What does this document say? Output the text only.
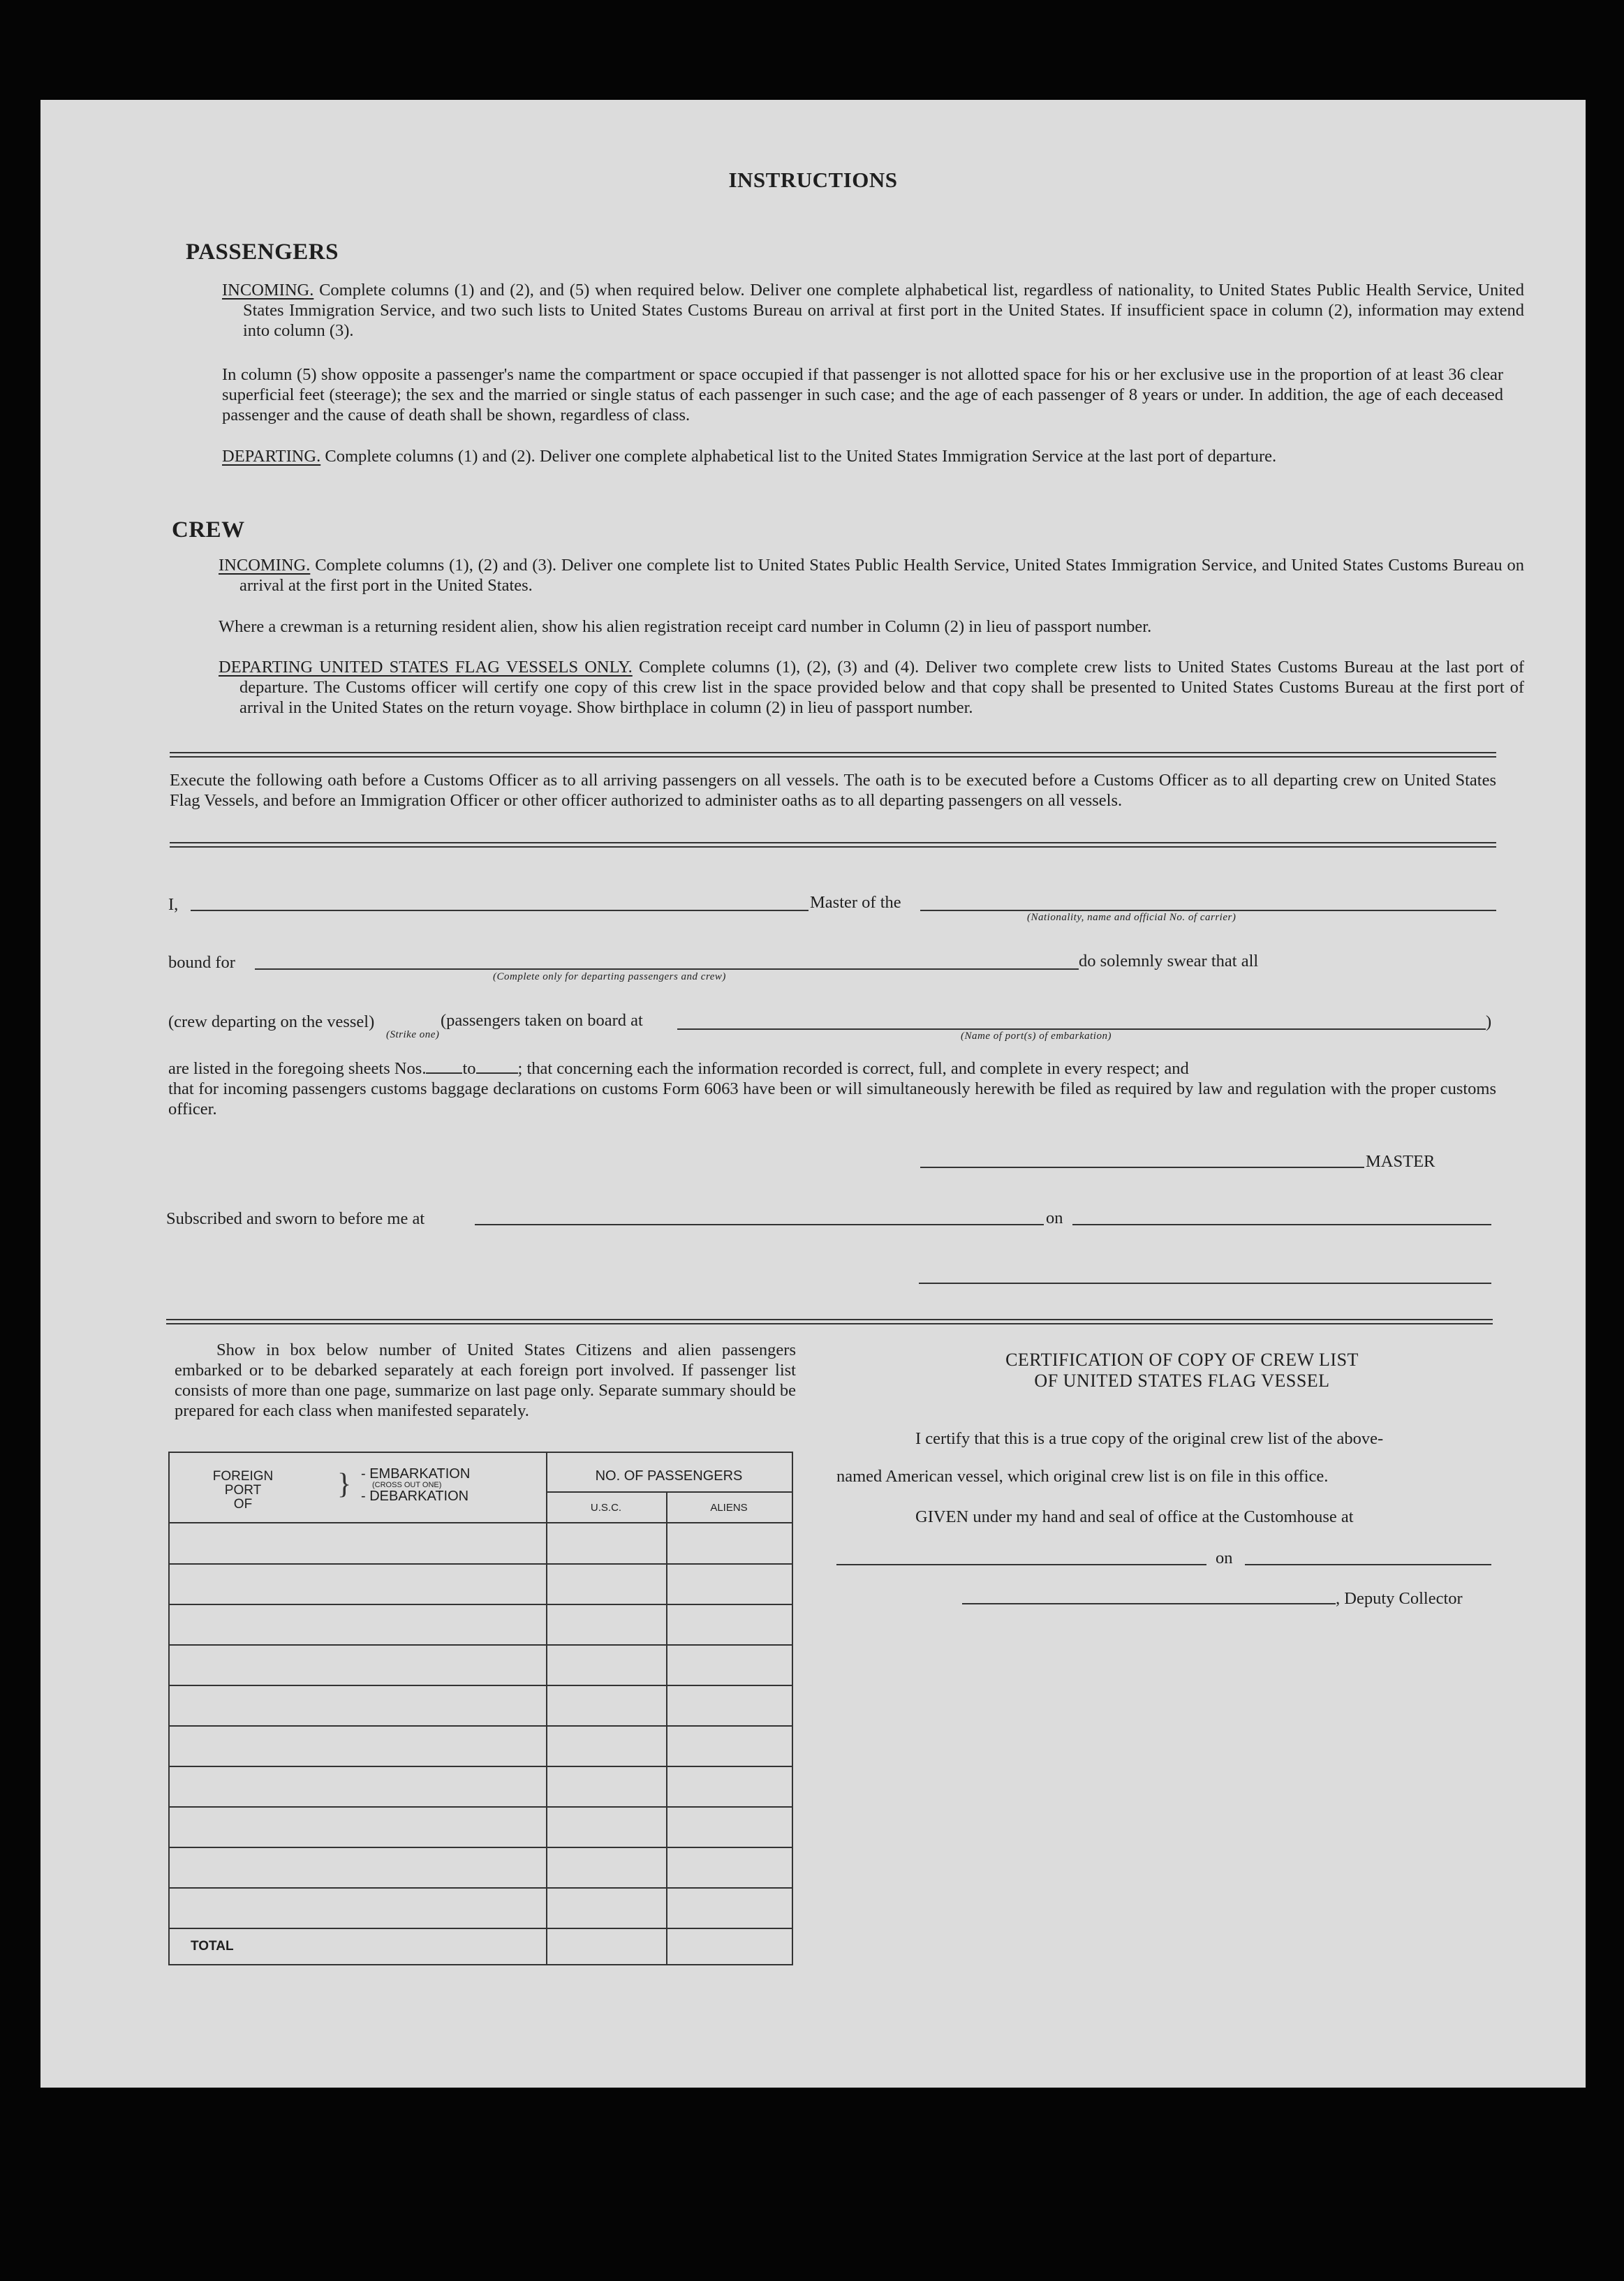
INSTRUCTIONS
PASSENGERS
INCOMING. Complete columns (1) and (2), and (5) when required below. Deliver one complete alphabetical list, regardless of nationality, to United States Public Health Service, United States Immigration Service, and two such lists to United States Customs Bureau on arrival at first port in the United States. If insufficient space in column (2), information may extend into column (3).
In column (5) show opposite a passenger's name the compartment or space occupied if that passenger is not allotted space for his or her exclusive use in the proportion of at least 36 clear superficial feet (steerage); the sex and the married or single status of each passenger in such case; and the age of each passenger of 8 years or under. In addition, the age of each deceased passenger and the cause of death shall be shown, regardless of class.
DEPARTING. Complete columns (1) and (2). Deliver one complete alphabetical list to the United States Immigration Service at the last port of departure.
CREW
INCOMING. Complete columns (1), (2) and (3). Deliver one complete list to United States Public Health Service, United States Immigration Service, and United States Customs Bureau on arrival at the first port in the United States.
Where a crewman is a returning resident alien, show his alien registration receipt card number in Column (2) in lieu of passport number.
DEPARTING UNITED STATES FLAG VESSELS ONLY. Complete columns (1), (2), (3) and (4). Deliver two complete crew lists to United States Customs Bureau at the last port of departure. The Customs officer will certify one copy of this crew list in the space provided below and that copy shall be presented to United States Customs Bureau at the first port of arrival in the United States on the return voyage. Show birthplace in column (2) in lieu of passport number.
Execute the following oath before a Customs Officer as to all arriving passengers on all vessels. The oath is to be executed before a Customs Officer as to all departing crew on United States Flag Vessels, and before an Immigration Officer or other officer authorized to administer oaths as to all departing passengers on all vessels.
I,	Master of the
(Nationality, name and official No. of carrier)
bound for
(Complete only for departing passengers and crew)
do solemnly swear that all
(crew departing on the vessel)
(Strike one)
(passengers taken on board at
(Name of port(s) of embarkation)
)
are listed in the foregoing sheets Nos. to ; that concerning each the information recorded is correct, full, and complete in every respect; and
that for incoming passengers customs baggage declarations on customs Form 6063 have been or will simultaneously herewith be filed as required by law and regulation with the proper customs officer.
MASTER
Subscribed and sworn to before me at	on
Show in box below number of United States Citizens and alien passengers embarked or to be debarked separately at each foreign port involved. If passenger list consists of more than one page, summarize on last page only. Separate summary should be prepared for each class when manifested separately.
FOREIGN
PORT
OF
} - EMBARKATION
(CROSS OUT ONE)
- DEBARKATION
NO. OF PASSENGERS
U.S.C.	ALIENS
TOTAL
CERTIFICATION OF COPY OF CREW LIST
OF UNITED STATES FLAG VESSEL
I certify that this is a true copy of the original crew list of the above-
named American vessel, which original crew list is on file in this office.
GIVEN under my hand and seal of office at the Customhouse at
on
, Deputy Collector
